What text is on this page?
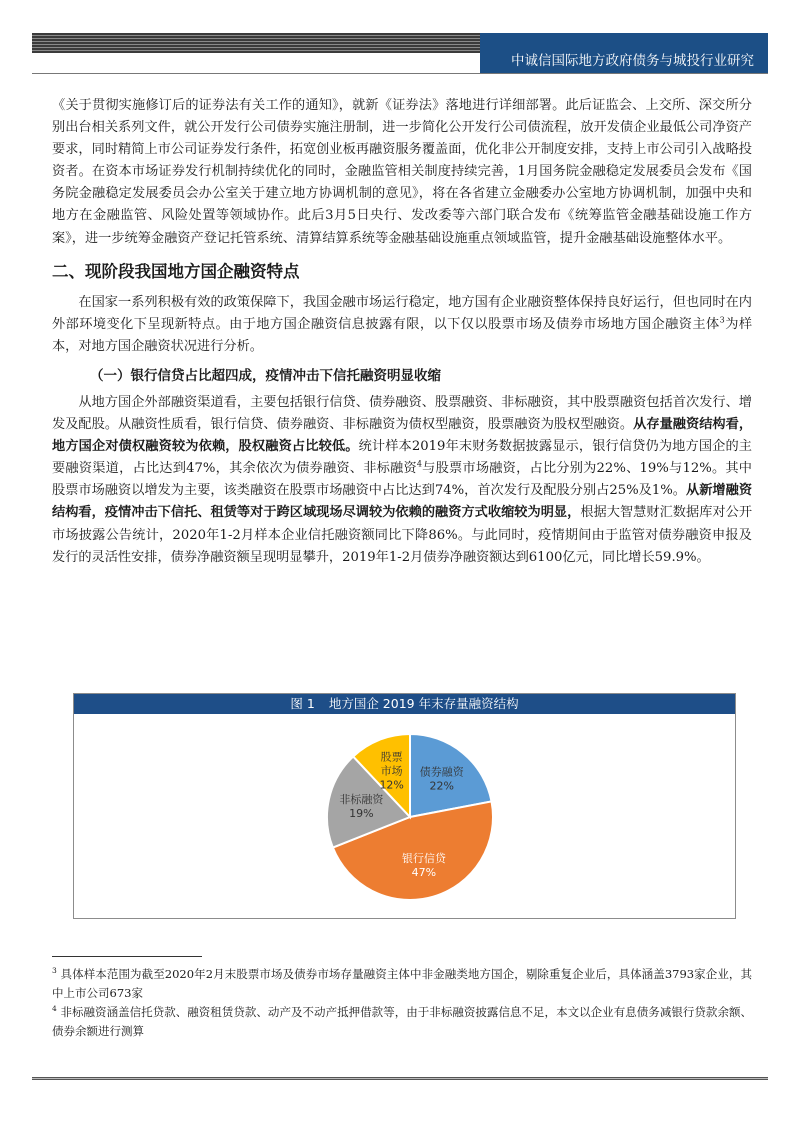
中诚信国际地方政府债务与城投行业研究

《关于贯彻实施修订后的证券法有关工作的通知》，就新《证券法》落地进行详细部署。此后证监会、上交所、深交所分别出台相关系列文件，就公开发行公司债券实施注册制，进一步简化公开发行公司债流程，放开发债企业最低公司净资产要求，同时精简上市公司证券发行条件，拓宽创业板再融资服务覆盖面，优化非公开制度安排，支持上市公司引入战略投资者。在资本市场证券发行机制持续优化的同时，金融监管相关制度持续完善，1月国务院金融稳定发展委员会发布《国务院金融稳定发展委员会办公室关于建立地方协调机制的意见》，将在各省建立金融委办公室地方协调机制，加强中央和地方在金融监管、风险处置等领域协作。此后3月5日央行、发改委等六部门联合发布《统筹监管金融基础设施工作方案》，进一步统筹金融资产登记托管系统、清算结算系统等金融基础设施重点领域监管，提升金融基础设施整体水平。

二、现阶段我国地方国企融资特点

在国家一系列积极有效的政策保障下，我国金融市场运行稳定，地方国有企业融资整体保持良好运行，但也同时在内外部环境变化下呈现新特点。由于地方国企融资信息披露有限，以下仅以股票市场及债券市场地方国企融资主体$^3$为样本，对地方国企融资状况进行分析。

（一）银行信贷占比超四成，疫情冲击下信托融资明显收缩

从地方国企外部融资渠道看，主要包括银行信贷、债券融资、股票融资、非标融资，其中股票融资包括首次发行、增发及配股。从融资性质看，银行信贷、债券融资、非标融资为债权型融资，股票融资为股权型融资。从存量融资结构看，地方国企对债权融资较为依赖，股权融资占比较低。统计样本2019年末财务数据披露显示，银行信贷仍为地方国企的主要融资渠道，占比达到47%，其余依次为债券融资、非标融资$^4$与股票市场融资，占比分别为22%、19%与12%。其中股票市场融资以增发为主要，该类融资在股票市场融资中占比达到74%，首次发行及配股分别占25%及1%。从新增融资结构看，疫情冲击下信托、租赁等对于跨区域现场尽调较为依赖的融资方式收缩较为明显，根据大智慧财汇数据库对公开市场披露公告统计，2020年1-2月样本企业信托融资额同比下降86%。与此同时，疫情期间由于监管对债券融资申报及发行的灵活性安排，债券净融资额呈现明显攀升，2019年1-2月债券净融资额达到6100亿元，同比增长59.9%。

图 1 地方国企 2019 年末存量融资结构
债券融资
22%
银行信贷
47%
非标融资
19%
股票
市场
12%

$^3$ 具体样本范围为截至2020年2月末股票市场及债券市场存量融资主体中非金融类地方国企，剔除重复企业后，具体涵盖3793家企业，其中上市公司673家

$^4$ 非标融资涵盖信托贷款、融资租赁贷款、动产及不动产抵押借款等，由于非标融资披露信息不足，本文以企业有息债务减银行贷款余额、债券余额进行测算
